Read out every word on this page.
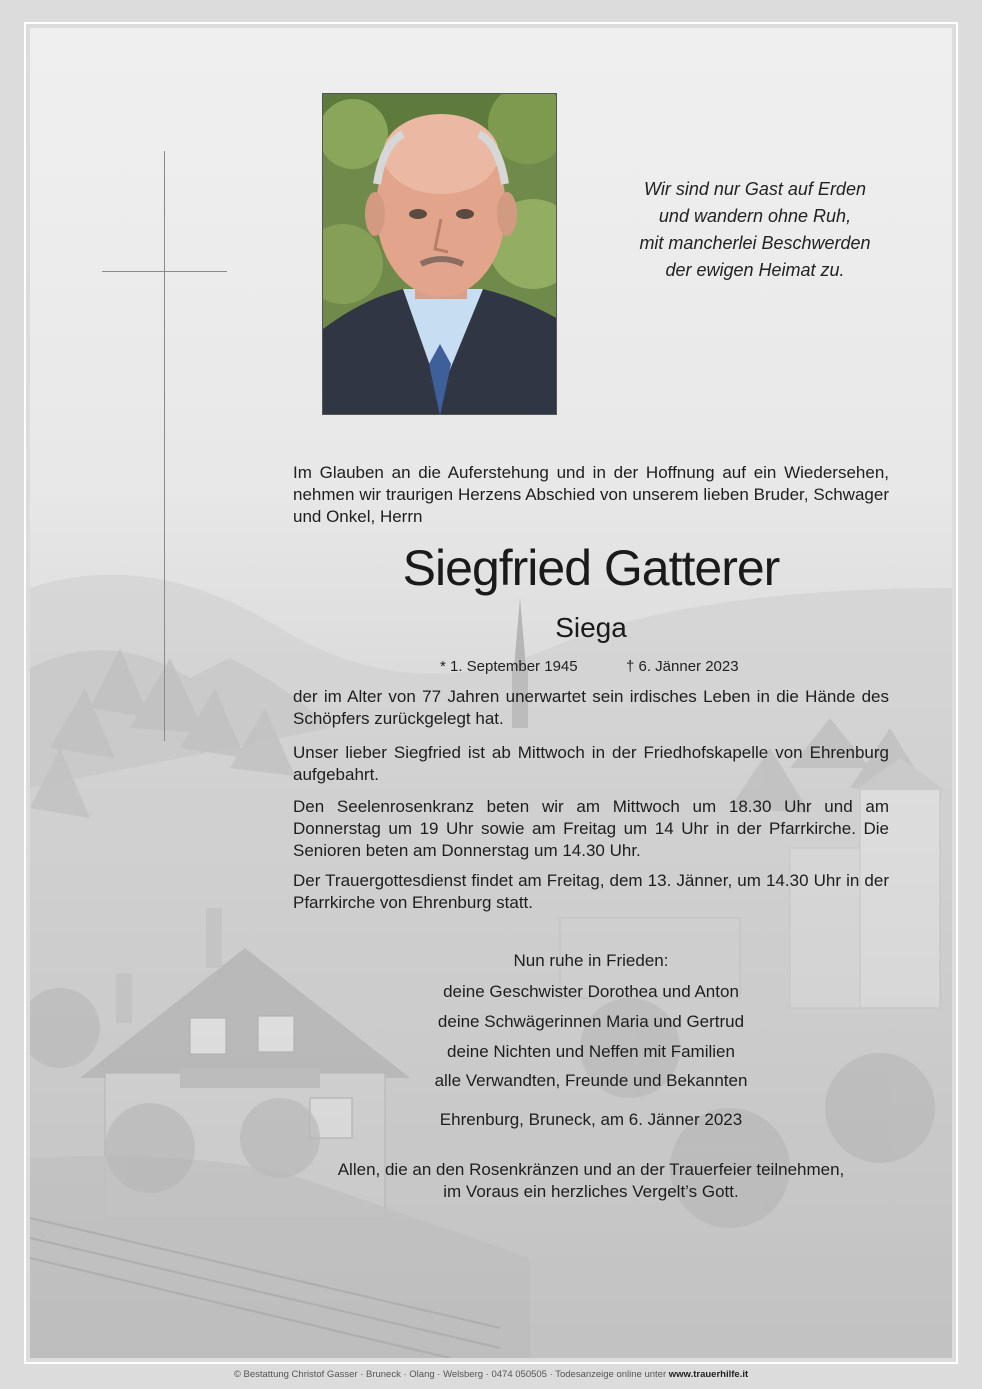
Wir sind nur Gast auf Erden
und wandern ohne Ruh,
mit mancherlei Beschwerden
der ewigen Heimat zu.
Im Glauben an die Auferstehung und in der Hoffnung auf ein Wiedersehen, nehmen wir traurigen Herzens Abschied von unserem lieben Bruder, Schwager und Onkel, Herrn
Siegfried Gatterer
Siega
* 1. September 1945	† 6. Jänner 2023
der im Alter von 77 Jahren unerwartet sein irdisches Leben in die Hände des Schöpfers zurückgelegt hat.
Unser lieber Siegfried ist ab Mittwoch in der Friedhofskapelle von Ehrenburg aufgebahrt.
Den Seelenrosenkranz beten wir am Mittwoch um 18.30 Uhr und am Donnerstag um 19 Uhr sowie am Freitag um 14 Uhr in der Pfarrkirche. Die Senioren beten am Donnerstag um 14.30 Uhr.
Der Trauergottesdienst findet am Freitag, dem 13. Jänner, um 14.30 Uhr in der Pfarrkirche von Ehrenburg statt.
Nun ruhe in Frieden:
deine Geschwister Dorothea und Anton
deine Schwägerinnen Maria und Gertrud
deine Nichten und Neffen mit Familien
alle Verwandten, Freunde und Bekannten
Ehrenburg, Bruneck, am 6. Jänner 2023
Allen, die an den Rosenkränzen und an der Trauerfeier teilnehmen,
im Voraus ein herzliches Vergelt’s Gott.
© Bestattung Christof Gasser · Bruneck · Olang · Welsberg · 0474 050505 · Todesanzeige online unter www.trauerhilfe.it
